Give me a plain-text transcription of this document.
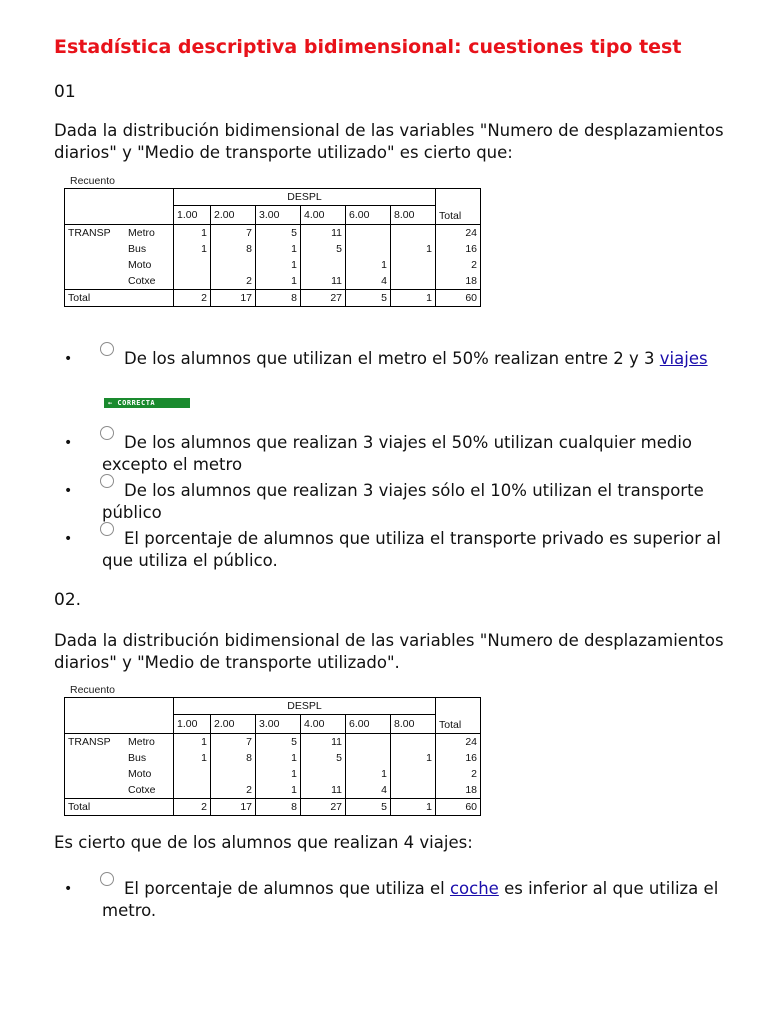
Estadística descriptiva bidimensional: cuestiones tipo test
01
Dada la distribución bidimensional de las variables "Numero de desplazamientos diarios" y "Medio de transporte utilizado" es cierto que:
Recuento
		DESPL						
		1.00	2.00	3.00	4.00	6.00	8.00	Total
TRANSP	Metro	1	7	5	11			24
	Bus	1	8	1	5		1	16
	Moto			1		1		2
	Cotxe		2	1	11	4		18
Total		2	17	8	27	5	1	60
•	De los alumnos que utilizan el metro el 50% realizan entre 2 y 3 viajes
← CORRECTA
•	De los alumnos que realizan 3 viajes el 50% utilizan cualquier medio excepto el metro
•	De los alumnos que realizan 3 viajes sólo el 10% utilizan el transporte público
•	El porcentaje de alumnos que utiliza el transporte privado es superior al que utiliza el público.
02.
Dada la distribución bidimensional de las variables "Numero de desplazamientos diarios" y "Medio de transporte utilizado".
Recuento
		DESPL						
		1.00	2.00	3.00	4.00	6.00	8.00	Total
TRANSP	Metro	1	7	5	11			24
	Bus	1	8	1	5		1	16
	Moto			1		1		2
	Cotxe		2	1	11	4		18
Total		2	17	8	27	5	1	60
Es cierto que de los alumnos que realizan 4 viajes:
•	El porcentaje de alumnos que utiliza el coche es inferior al que utiliza el metro.
